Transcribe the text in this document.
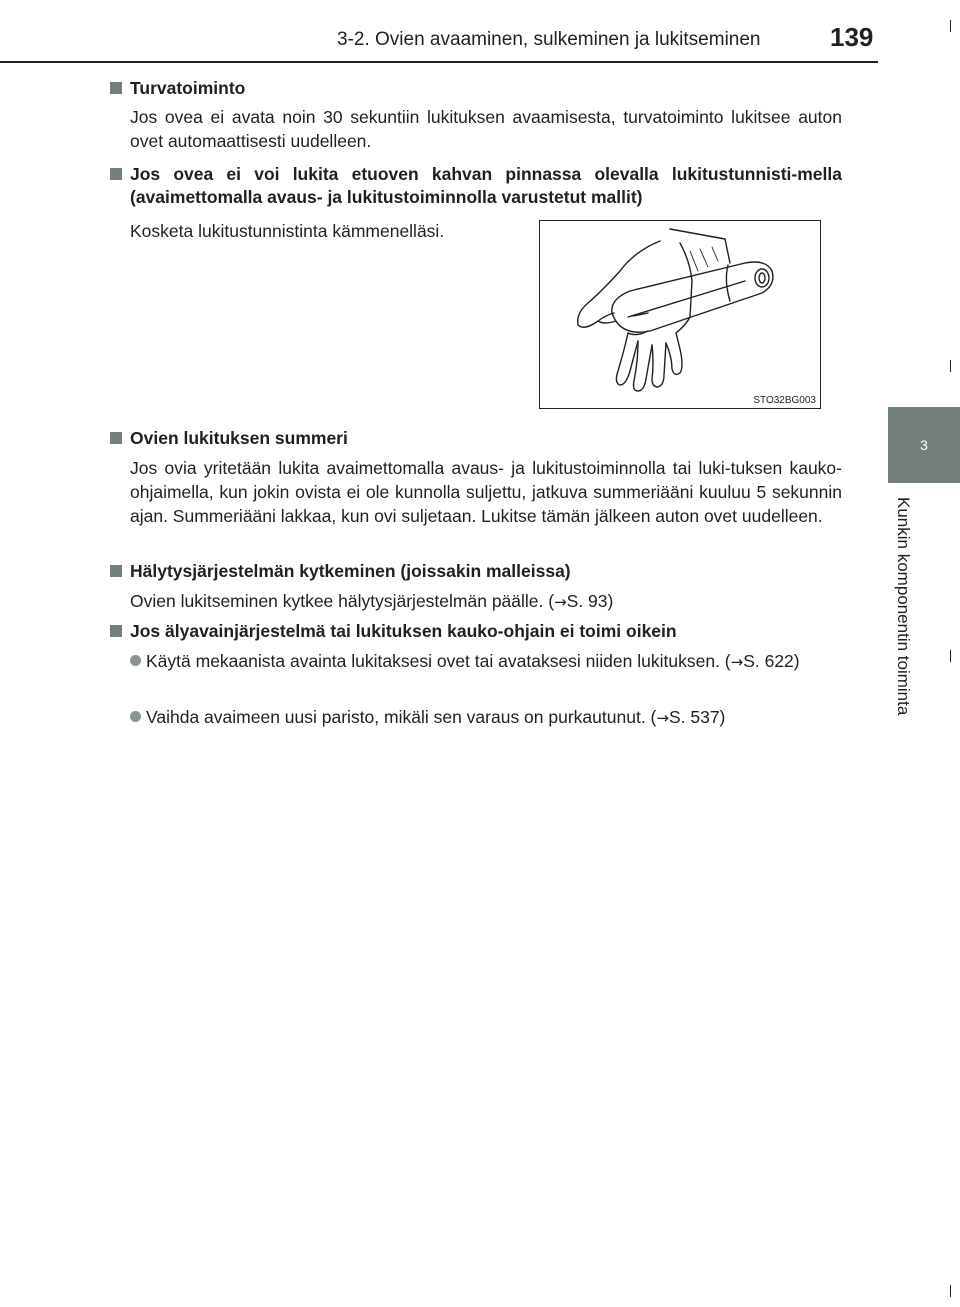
3-2. Ovien avaaminen, sulkeminen ja lukitseminen	139
3
Kunkin komponentin toiminta
Turvatoiminto
Jos ovea ei avata noin 30 sekuntiin lukituksen avaamisesta, turvatoiminto lukitsee auton ovet automaattisesti uudelleen.
Jos ovea ei voi lukita etuoven kahvan pinnassa olevalla lukitustunnisti-mella (avaimettomalla avaus- ja lukitustoiminnolla varustetut mallit)
Kosketa lukitustunnistinta kämmenelläsi.
STO32BG003
Ovien lukituksen summeri
Jos ovia yritetään lukita avaimettomalla avaus- ja lukitustoiminnolla tai luki-tuksen kauko-ohjaimella, kun jokin ovista ei ole kunnolla suljettu, jatkuva summeriääni kuuluu 5 sekunnin ajan. Summeriääni lakkaa, kun ovi suljetaan. Lukitse tämän jälkeen auton ovet uudelleen.
Hälytysjärjestelmän kytkeminen (joissakin malleissa)
Ovien lukitseminen kytkee hälytysjärjestelmän päälle. (→S. 93)
Jos älyavainjärjestelmä tai lukituksen kauko-ohjain ei toimi oikein
Käytä mekaanista avainta lukitaksesi ovet tai avataksesi niiden lukituksen. (→S. 622)
Vaihda avaimeen uusi paristo, mikäli sen varaus on purkautunut. (→S. 537)
